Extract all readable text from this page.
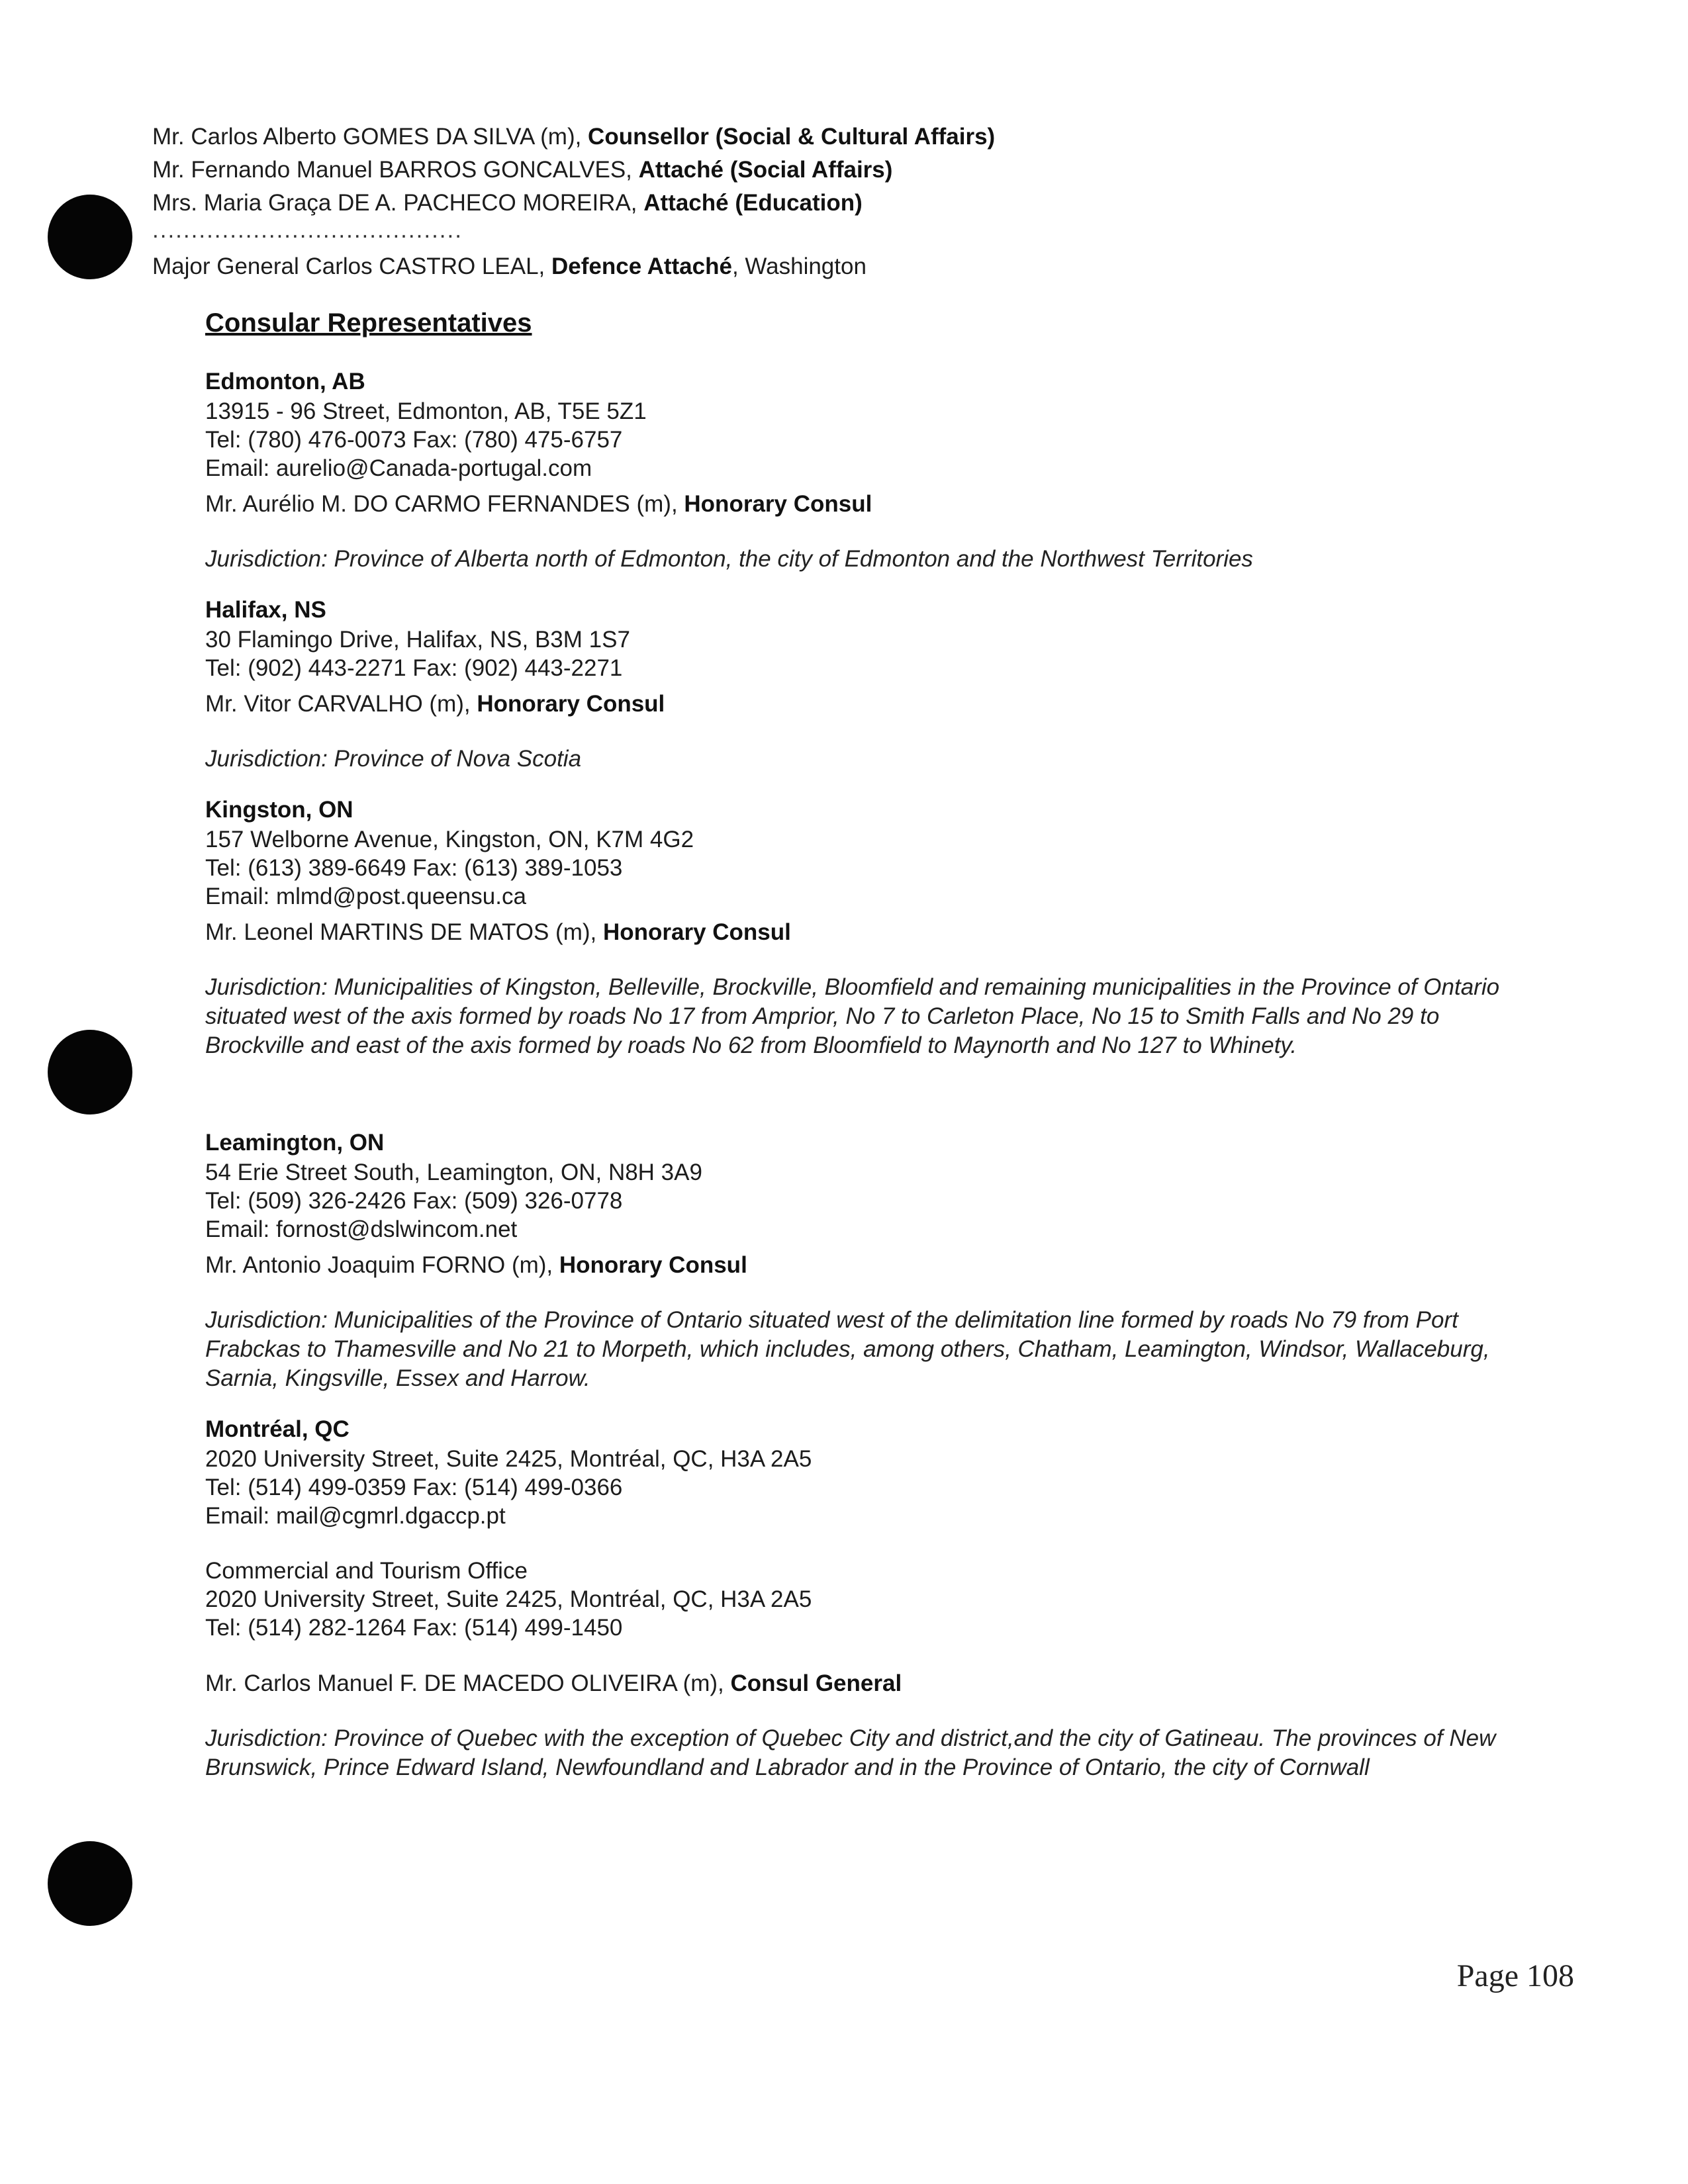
Mr. Carlos Alberto GOMES DA SILVA (m), Counsellor (Social & Cultural Affairs)
Mr. Fernando Manuel BARROS GONCALVES, Attaché (Social Affairs)
Mrs. Maria Graça DE A. PACHECO MOREIRA, Attaché (Education)
........................................
Major General Carlos CASTRO LEAL, Defence Attaché, Washington
Consular Representatives
Edmonton, AB
13915 - 96 Street, Edmonton, AB, T5E 5Z1
Tel: (780) 476-0073 Fax: (780) 475-6757
Email: aurelio@Canada-portugal.com
Mr. Aurélio M. DO CARMO FERNANDES (m), Honorary Consul
Jurisdiction: Province of Alberta north of Edmonton, the city of Edmonton and the Northwest Territories
Halifax, NS
30 Flamingo Drive, Halifax, NS, B3M 1S7
Tel: (902) 443-2271 Fax: (902) 443-2271
Mr. Vitor CARVALHO (m), Honorary Consul
Jurisdiction: Province of Nova Scotia
Kingston, ON
157 Welborne Avenue, Kingston, ON, K7M 4G2
Tel: (613) 389-6649 Fax: (613) 389-1053
Email: mlmd@post.queensu.ca
Mr. Leonel MARTINS DE MATOS (m), Honorary Consul
Jurisdiction: Municipalities of Kingston, Belleville, Brockville, Bloomfield and remaining municipalities in the Province of Ontario situated west of the axis formed by roads No 17 from Amprior, No 7 to Carleton Place, No 15 to Smith Falls and No 29 to Brockville and east of the axis formed by roads No 62 from Bloomfield to Maynorth and No 127 to Whinety.
Leamington, ON
54 Erie Street South, Leamington, ON, N8H 3A9
Tel: (509) 326-2426 Fax: (509) 326-0778
Email: fornost@dslwincom.net
Mr. Antonio Joaquim FORNO (m), Honorary Consul
Jurisdiction: Municipalities of the Province of Ontario situated west of the delimitation line formed by roads No 79 from Port Frabckas to Thamesville and No 21 to Morpeth, which includes, among others, Chatham, Leamington, Windsor, Wallaceburg, Sarnia, Kingsville, Essex and Harrow.
Montréal, QC
2020 University Street, Suite 2425, Montréal, QC, H3A 2A5
Tel: (514) 499-0359 Fax: (514) 499-0366
Email: mail@cgmrl.dgaccp.pt
Commercial and Tourism Office
2020 University Street, Suite 2425, Montréal, QC, H3A 2A5
Tel: (514) 282-1264 Fax: (514) 499-1450
Mr. Carlos Manuel F. DE MACEDO OLIVEIRA (m), Consul General
Jurisdiction: Province of Quebec with the exception of Quebec City and district,and the city of Gatineau. The provinces of New Brunswick, Prince Edward Island, Newfoundland and Labrador and in the Province of Ontario, the city of Cornwall
Page 108
